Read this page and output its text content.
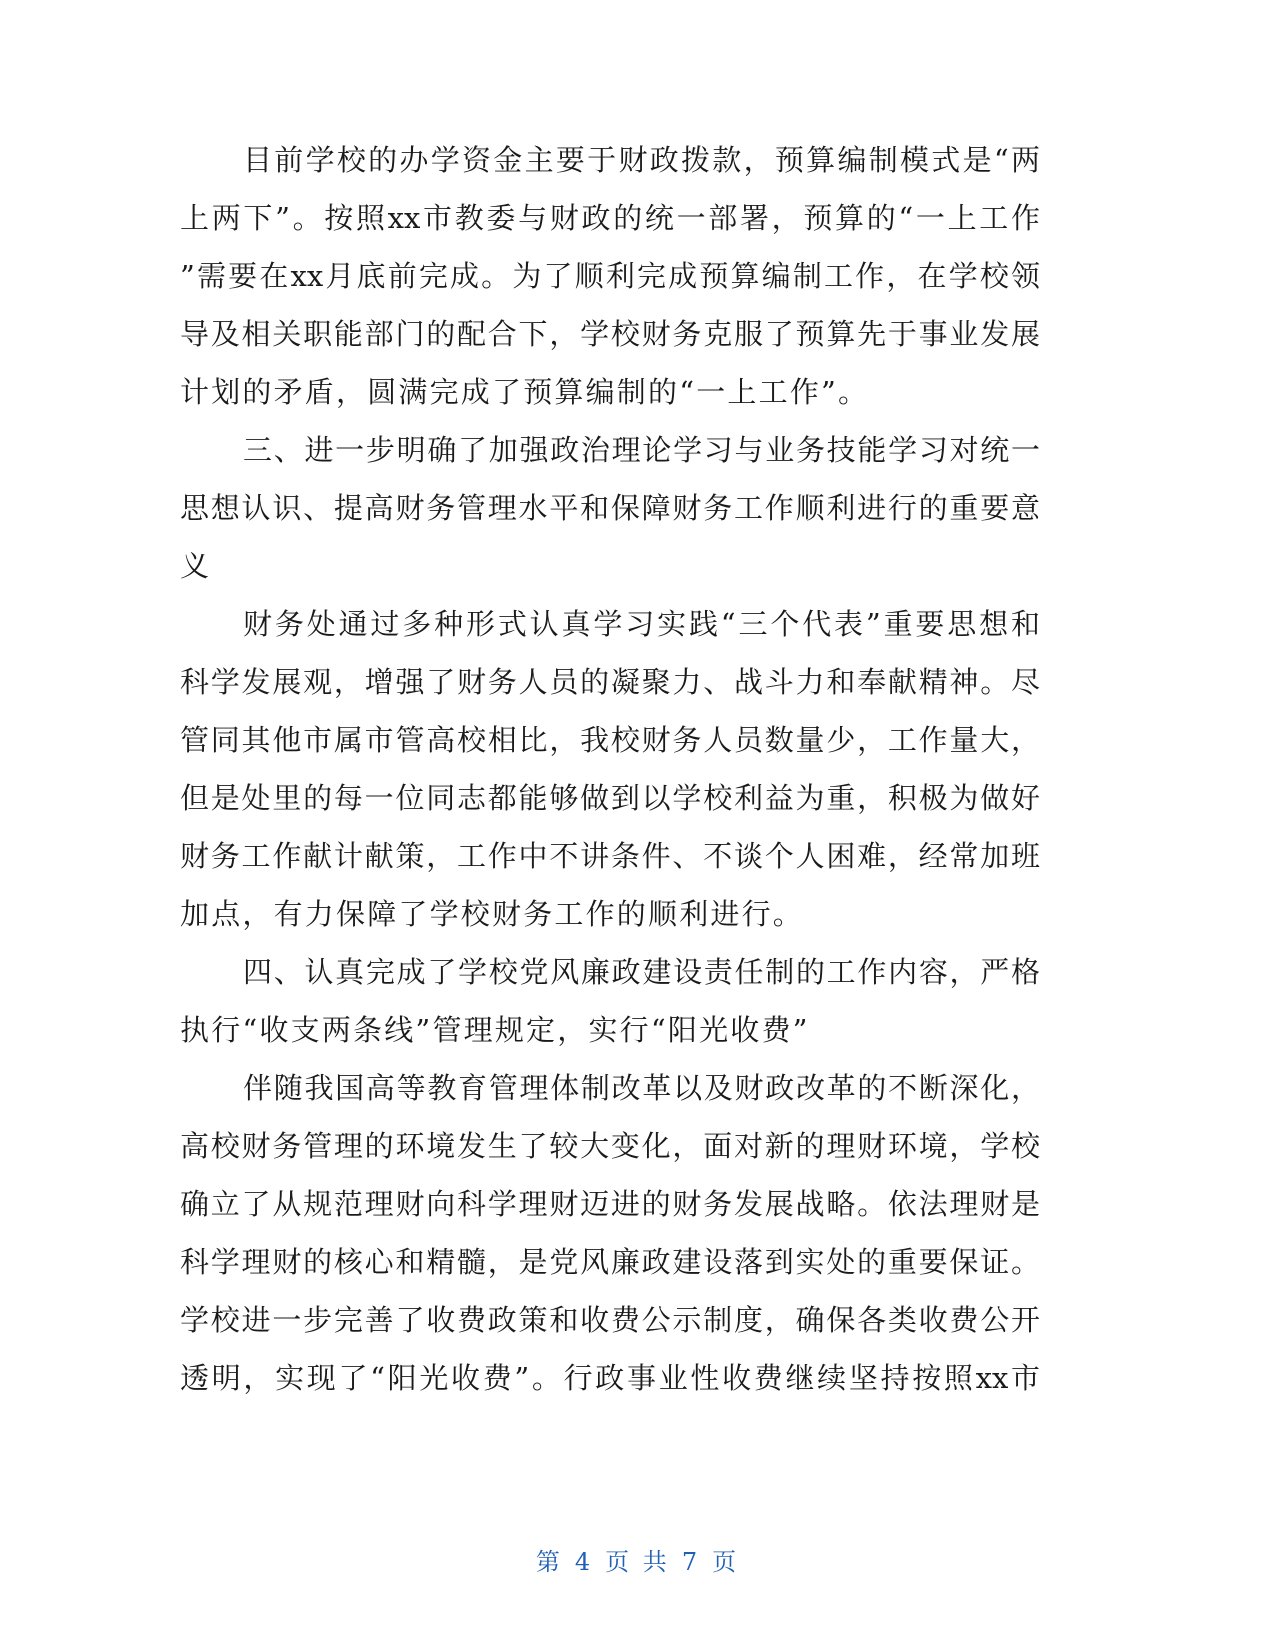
目前学校的办学资金主要于财政拨款，预算编制模式是“两
上两下”。按照xx市教委与财政的统一部署，预算的“一上工作
”需要在xx月底前完成。为了顺利完成预算编制工作，在学校领
导及相关职能部门的配合下，学校财务克服了预算先于事业发展
计划的矛盾，圆满完成了预算编制的“一上工作”。
三、进一步明确了加强政治理论学习与业务技能学习对统一
思想认识、提高财务管理水平和保障财务工作顺利进行的重要意
义
财务处通过多种形式认真学习实践“三个代表”重要思想和
科学发展观，增强了财务人员的凝聚力、战斗力和奉献精神。尽
管同其他市属市管高校相比，我校财务人员数量少，工作量大，
但是处里的每一位同志都能够做到以学校利益为重，积极为做好
财务工作献计献策，工作中不讲条件、不谈个人困难，经常加班
加点，有力保障了学校财务工作的顺利进行。
四、认真完成了学校党风廉政建设责任制的工作内容，严格
执行“收支两条线”管理规定，实行“阳光收费”
伴随我国高等教育管理体制改革以及财政改革的不断深化，
高校财务管理的环境发生了较大变化，面对新的理财环境，学校
确立了从规范理财向科学理财迈进的财务发展战略。依法理财是
科学理财的核心和精髓，是党风廉政建设落到实处的重要保证。
学校进一步完善了收费政策和收费公示制度，确保各类收费公开
透明，实现了“阳光收费”。行政事业性收费继续坚持按照xx市
第 4 页 共 7 页
